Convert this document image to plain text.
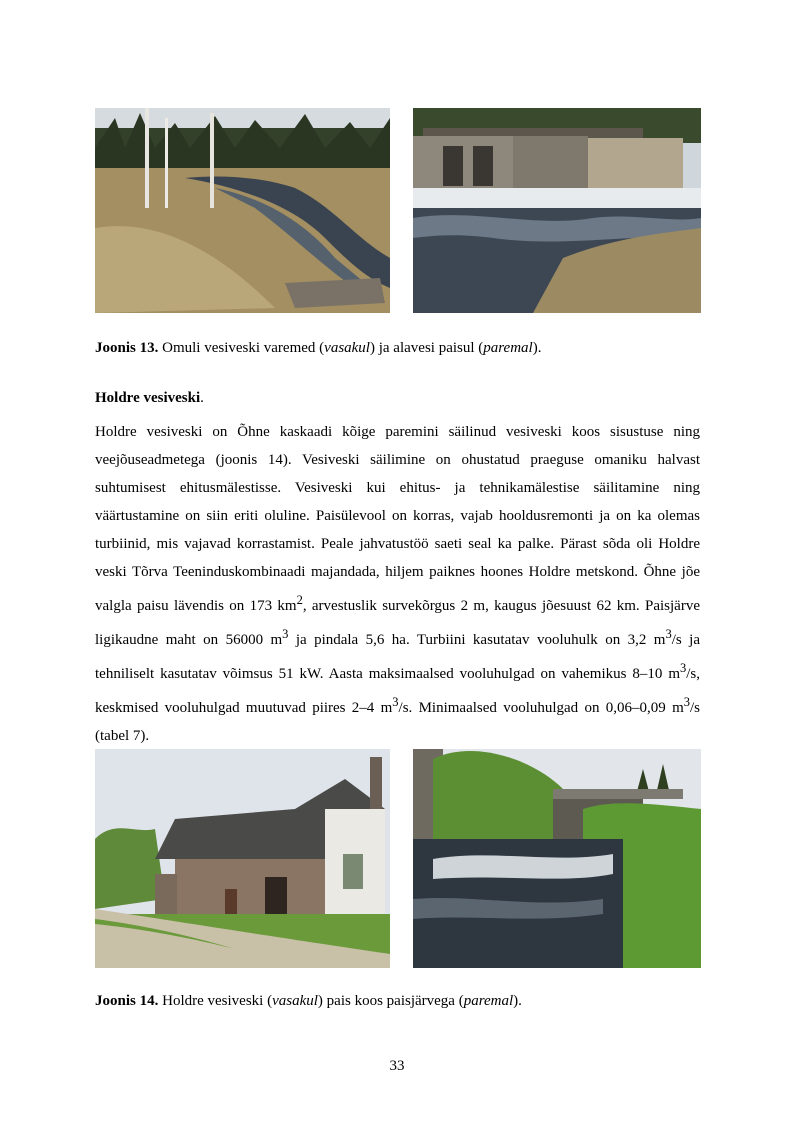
Joonis 13. Omuli vesiveski varemed (vasakul) ja alavesi paisul (paremal).
Holdre vesiveski.

Holdre vesiveski on Õhne kaskaadi kõige paremini säilinud vesiveski koos sisustuse ning veejõuseadmetega (joonis 14). Vesiveski säilimine on ohustatud praeguse omaniku halvast suhtumisest ehitusmälestisse. Vesiveski kui ehitus- ja tehnikamälestise säilitamine ning väärtustamine on siin eriti oluline. Paisülevool on korras, vajab hooldusremonti ja on ka olemas turbiinid, mis vajavad korrastamist. Peale jahvatustöö saeti seal ka palke. Pärast sõda oli Holdre veski Tõrva Teeninduskombinaadi majandada, hiljem paiknes hoones Holdre metskond. Õhne jõe valgla paisu lävendis on 173 $km^2$, arvestuslik survekõrgus 2 m, kaugus jõesuust 62 km. Paisjärve ligikaudne maht on 56000 $m^3$ ja pindala 5,6 ha. Turbiini kasutatav vooluhulk on 3,2 $m^3/s$ ja tehniliselt kasutatav võimsus 51 kW. Aasta maksimaalsed vooluhulgad on vahemikus 8–10 $m^3/s$, keskmised vooluhulgad muutuvad piires 2–4 $m^3/s$. Minimaalsed vooluhulgad on 0,06–0,09 $m^3/s$ (tabel 7).

Joonis 14. Holdre vesiveski (vasakul) pais koos paisjärvega (paremal).
33
